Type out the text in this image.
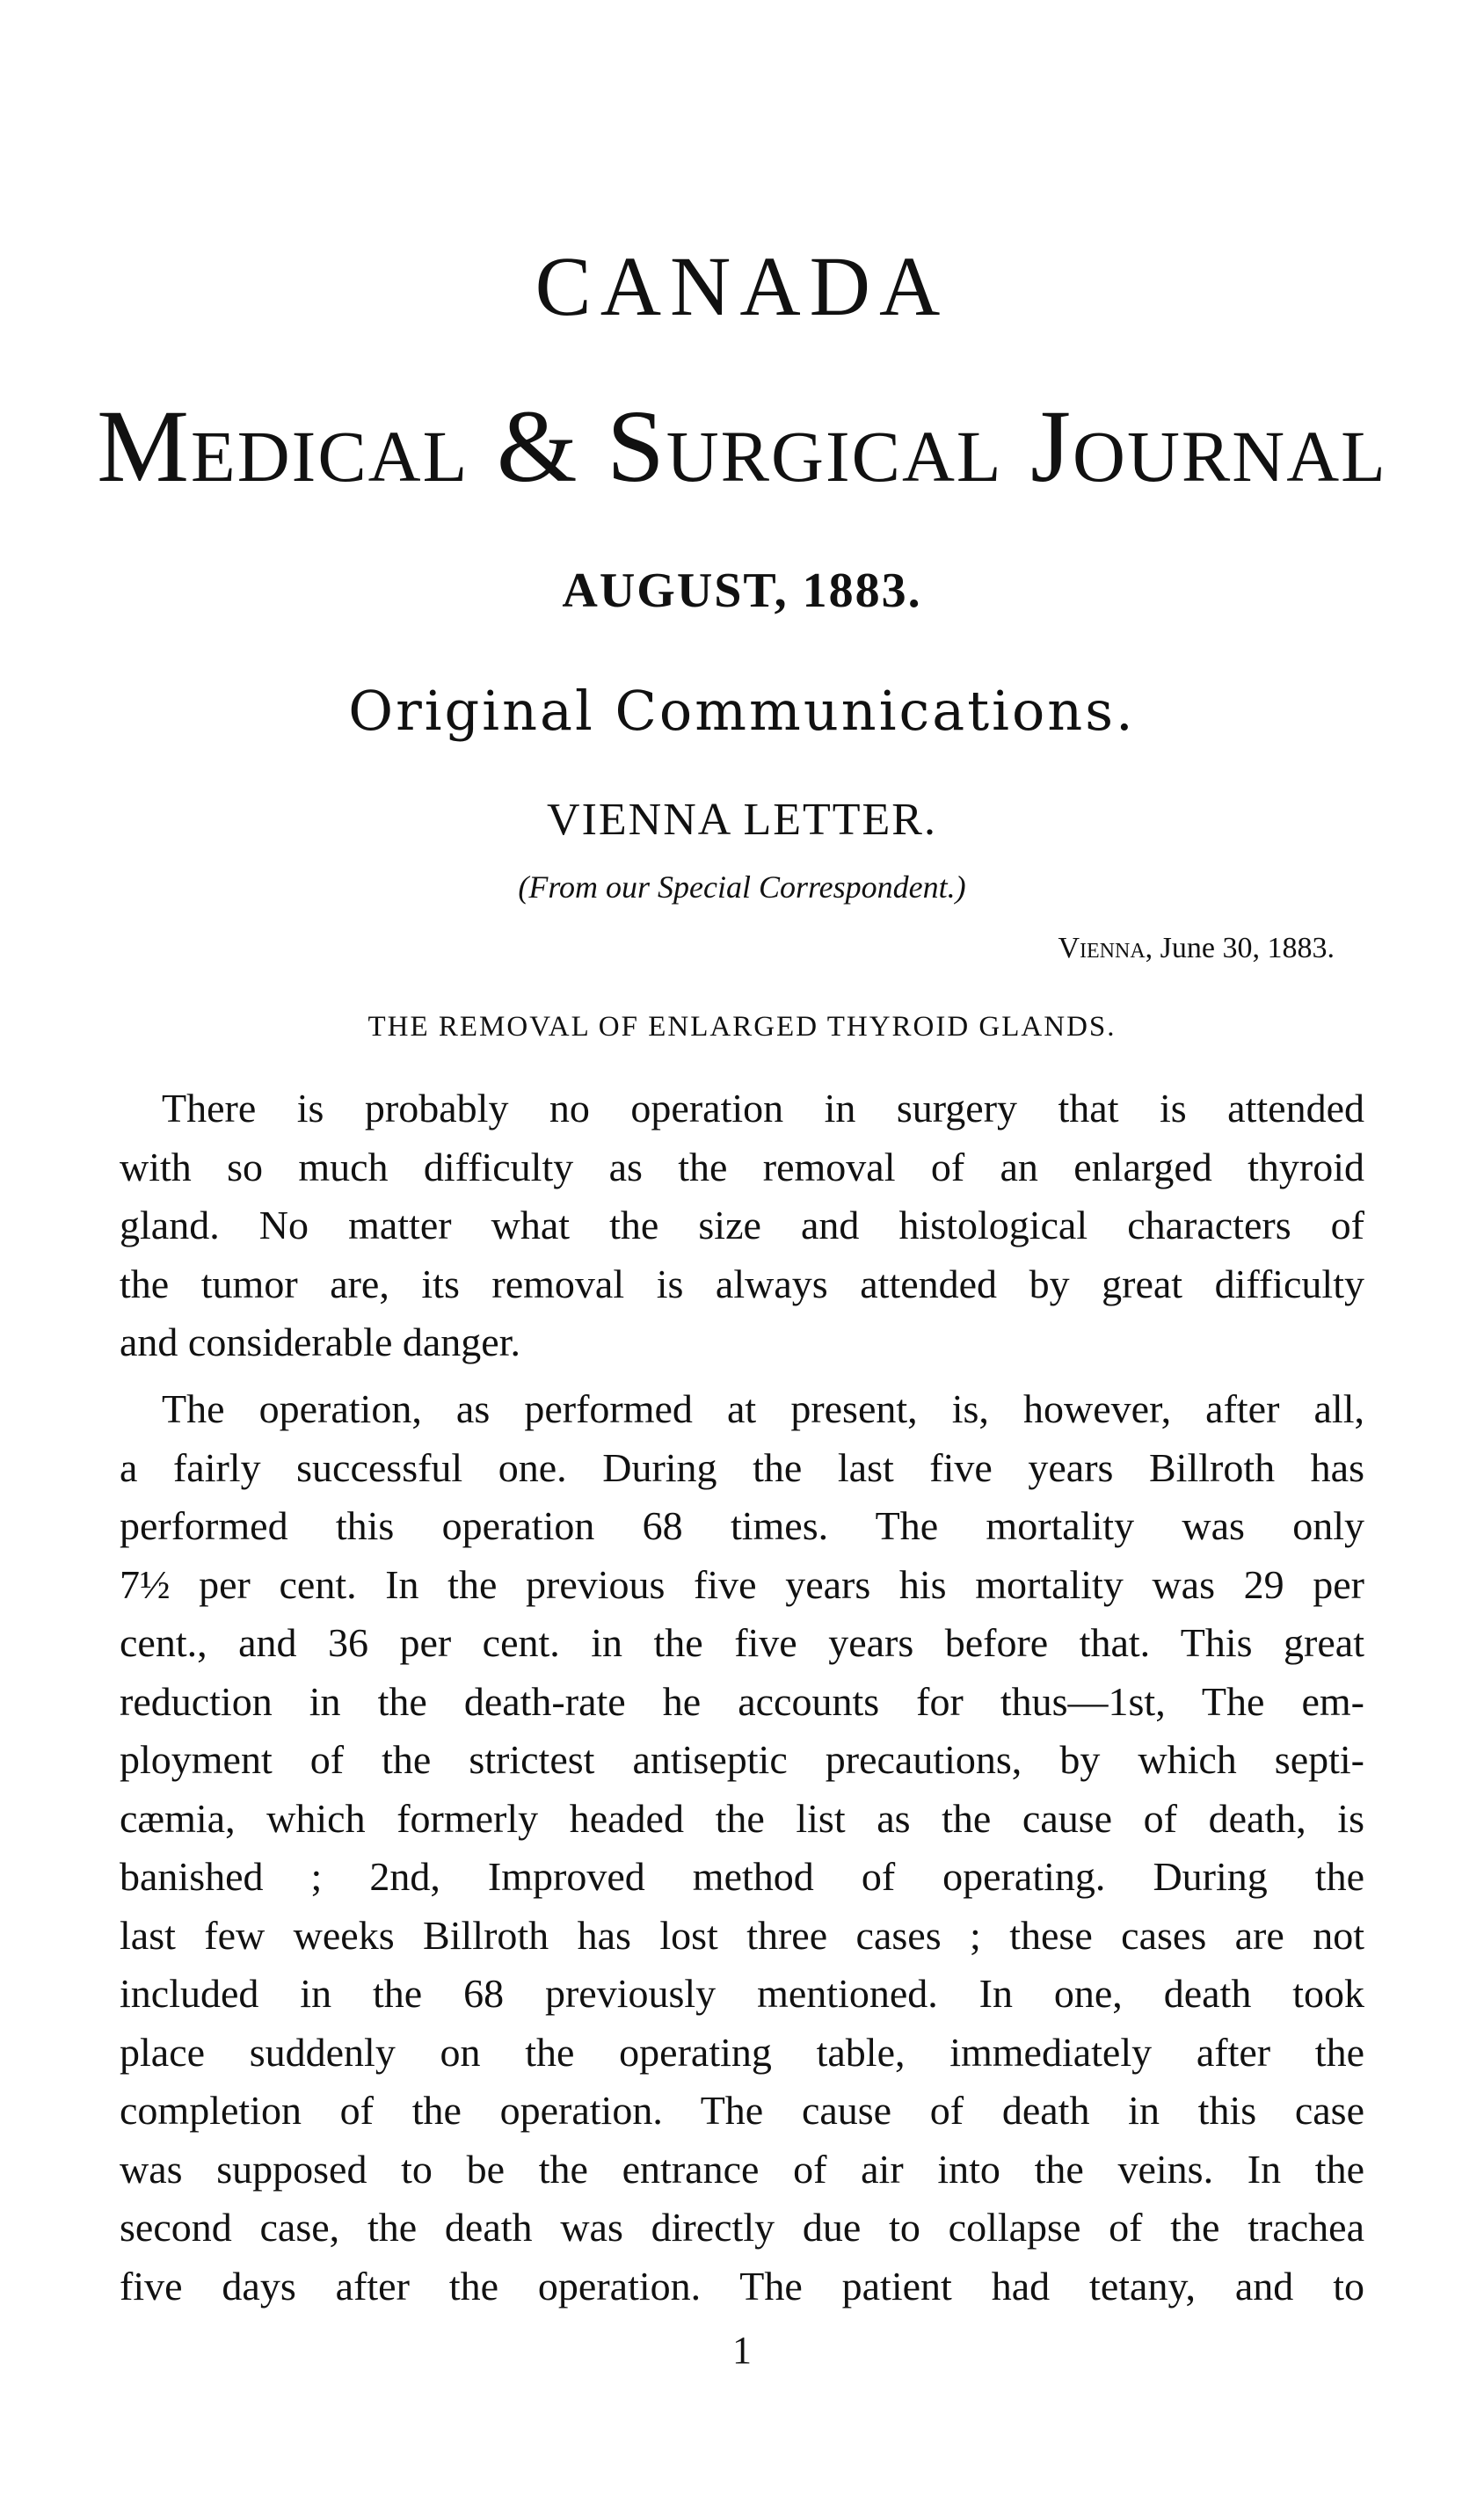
CANADA
Medical & Surgical Journal
AUGUST, 1883.
Original Communications.
VIENNA LETTER.
(From our Special Correspondent.)
Vienna, June 30, 1883.
THE REMOVAL OF ENLARGED THYROID GLANDS.
There is probably no operation in surgery that is attended
with so much difficulty as the removal of an enlarged thyroid
gland. No matter what the size and histological characters of
the tumor are, its removal is always attended by great difficulty
and considerable danger.
The operation, as performed at present, is, however, after all,
a fairly successful one. During the last five years Billroth has
performed this operation 68 times. The mortality was only
7½ per cent. In the previous five years his mortality was 29 per
cent., and 36 per cent. in the five years before that. This great
reduction in the death-rate he accounts for thus—1st, The em-
ployment of the strictest antiseptic precautions, by which septi-
cæmia, which formerly headed the list as the cause of death, is
banished ; 2nd, Improved method of operating. During the
last few weeks Billroth has lost three cases ; these cases are not
included in the 68 previously mentioned. In one, death took
place suddenly on the operating table, immediately after the
completion of the operation. The cause of death in this case
was supposed to be the entrance of air into the veins. In the
second case, the death was directly due to collapse of the trachea
five days after the operation. The patient had tetany, and to
1
